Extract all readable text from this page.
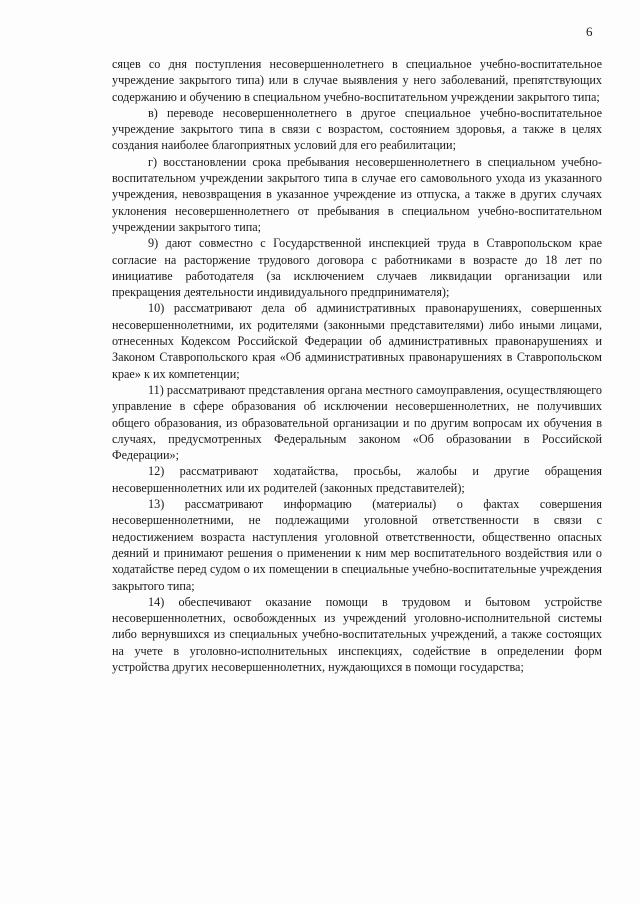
6

сяцев со дня поступления несовершеннолетнего в специальное учебно-воспитательное учреждение закрытого типа) или в случае выявления у него заболеваний, препятствующих содержанию и обучению в специальном учебно-воспитательном учреждении закрытого типа;

в) переводе несовершеннолетнего в другое специальное учебно-воспитательное учреждение закрытого типа в связи с возрастом, состоянием здоровья, а также в целях создания наиболее благоприятных условий для его реабилитации;

г) восстановлении срока пребывания несовершеннолетнего в специальном учебно-воспитательном учреждении закрытого типа в случае его самовольного ухода из указанного учреждения, невозвращения в указанное учреждение из отпуска, а также в других случаях уклонения несовершеннолетнего от пребывания в специальном учебно-воспитательном учреждении закрытого типа;

9) дают совместно с Государственной инспекцией труда в Ставропольском крае согласие на расторжение трудового договора с работниками в возрасте до 18 лет по инициативе работодателя (за исключением случаев ликвидации организации или прекращения деятельности индивидуального предпринимателя);

10) рассматривают дела об административных правонарушениях, совершенных несовершеннолетними, их родителями (законными представителями) либо иными лицами, отнесенных Кодексом Российской Федерации об административных правонарушениях и Законом Ставропольского края «Об административных правонарушениях в Ставропольском крае» к их компетенции;

11) рассматривают представления органа местного самоуправления, осуществляющего управление в сфере образования об исключении несовершеннолетних, не получивших общего образования, из образовательной организации и по другим вопросам их обучения в случаях, предусмотренных Федеральным законом «Об образовании в Российской Федерации»;

12) рассматривают ходатайства, просьбы, жалобы и другие обращения несовершеннолетних или их родителей (законных представителей);

13) рассматривают информацию (материалы) о фактах совершения несовершеннолетними, не подлежащими уголовной ответственности в связи с недостижением возраста наступления уголовной ответственности, общественно опасных деяний и принимают решения о применении к ним мер воспитательного воздействия или о ходатайстве перед судом о их помещении в специальные учебно-воспитательные учреждения закрытого типа;

14) обеспечивают оказание помощи в трудовом и бытовом устройстве несовершеннолетних, освобожденных из учреждений уголовно-исполнительной системы либо вернувшихся из специальных учебно-воспитательных учреждений, а также состоящих на учете в уголовно-исполнительных инспекциях, содействие в определении форм устройства других несовершеннолетних, нуждающихся в помощи государства;
